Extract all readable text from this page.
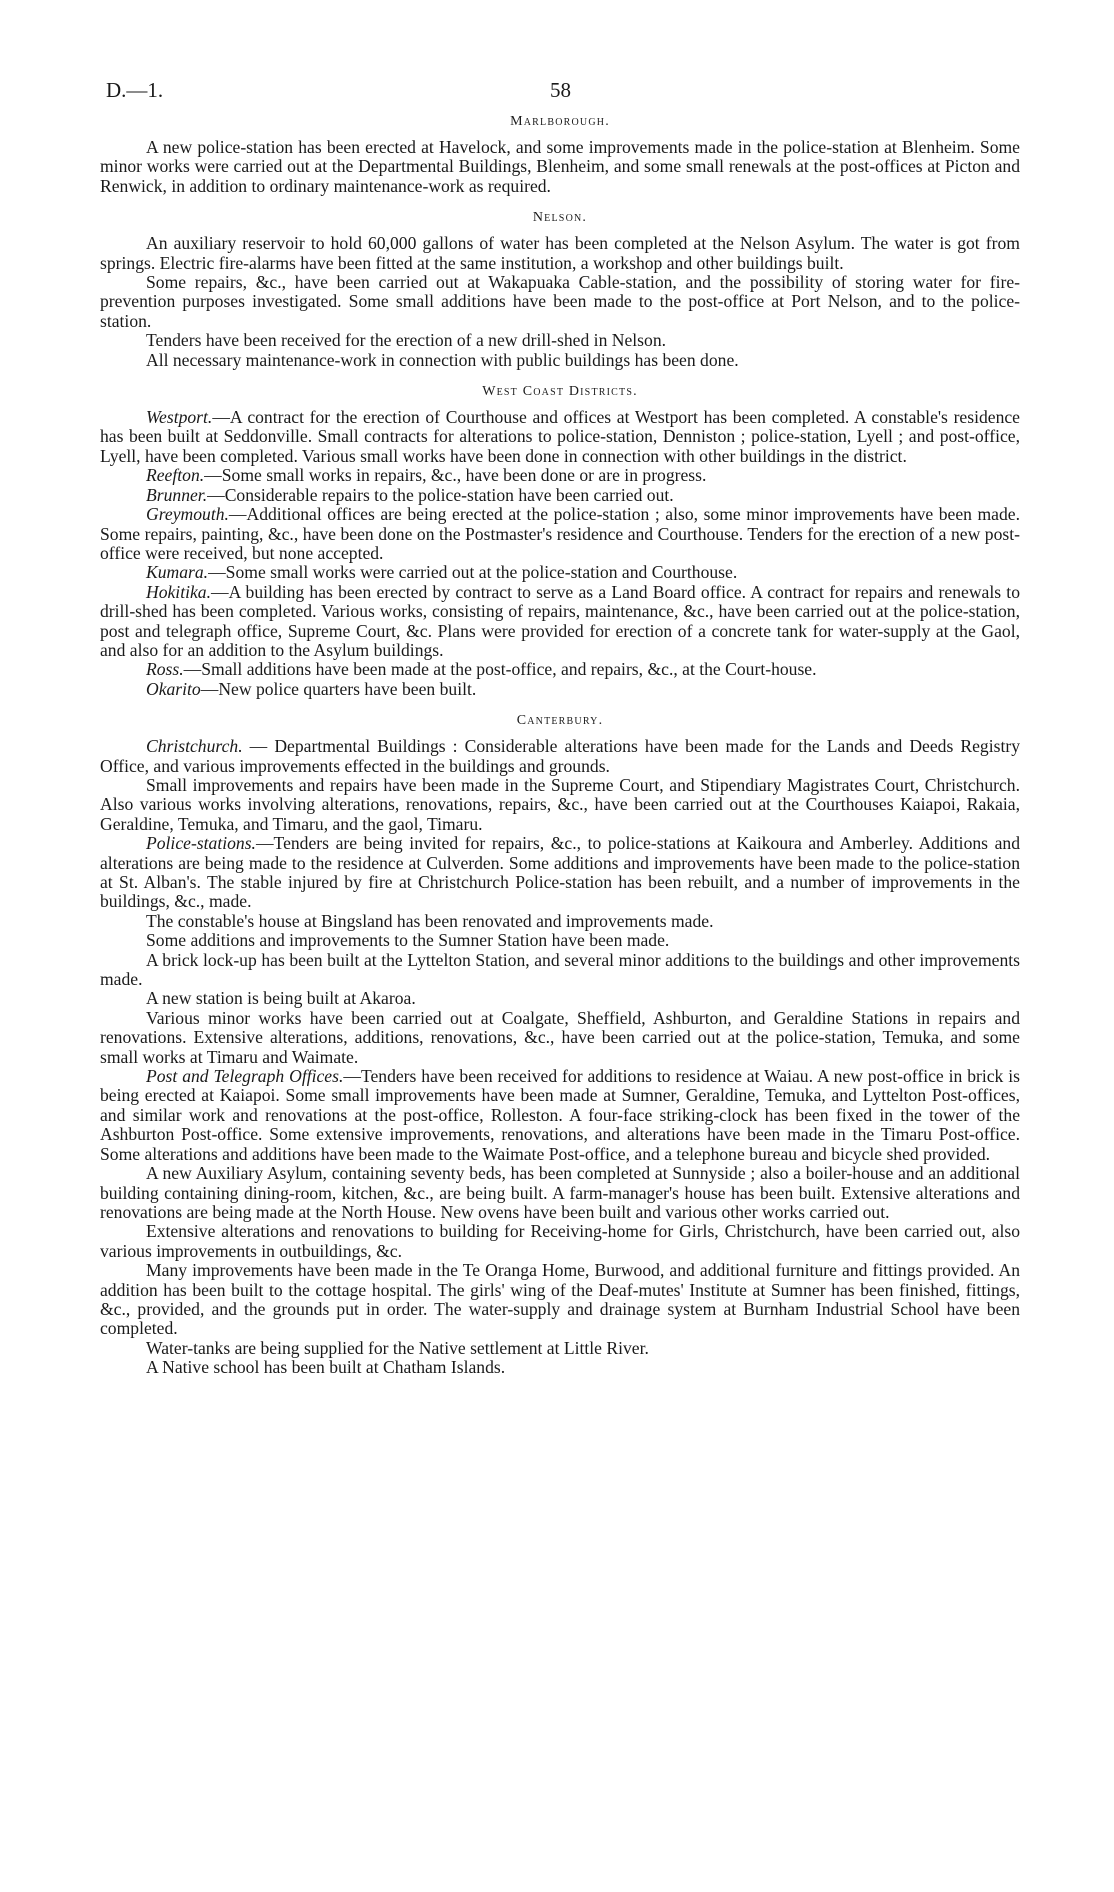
D.—1.	58
Marlborough.

A new police-station has been erected at Havelock, and some improvements made in the police-station at Blenheim. Some minor works were carried out at the Departmental Buildings, Blenheim, and some small renewals at the post-offices at Picton and Renwick, in addition to ordinary maintenance-work as required.

Nelson.

An auxiliary reservoir to hold 60,000 gallons of water has been completed at the Nelson Asylum. The water is got from springs. Electric fire-alarms have been fitted at the same institution, a workshop and other buildings built.

Some repairs, &c., have been carried out at Wakapuaka Cable-station, and the possibility of storing water for fire-prevention purposes investigated. Some small additions have been made to the post-office at Port Nelson, and to the police-station.

Tenders have been received for the erection of a new drill-shed in Nelson.

All necessary maintenance-work in connection with public buildings has been done.

West Coast Districts.

Westport.—A contract for the erection of Courthouse and offices at Westport has been completed. A constable's residence has been built at Seddonville. Small contracts for alterations to police-station, Denniston ; police-station, Lyell ; and post-office, Lyell, have been completed. Various small works have been done in connection with other buildings in the district.

Reefton.—Some small works in repairs, &c., have been done or are in progress.

Brunner.—Considerable repairs to the police-station have been carried out.

Greymouth.—Additional offices are being erected at the police-station ; also, some minor improvements have been made. Some repairs, painting, &c., have been done on the Postmaster's residence and Courthouse. Tenders for the erection of a new post-office were received, but none accepted.

Kumara.—Some small works were carried out at the police-station and Courthouse.

Hokitika.—A building has been erected by contract to serve as a Land Board office. A contract for repairs and renewals to drill-shed has been completed. Various works, consisting of repairs, maintenance, &c., have been carried out at the police-station, post and telegraph office, Supreme Court, &c. Plans were provided for erection of a concrete tank for water-supply at the Gaol, and also for an addition to the Asylum buildings.

Ross.—Small additions have been made at the post-office, and repairs, &c., at the Court-house.

Okarito—New police quarters have been built.

Canterbury.

Christchurch. — Departmental Buildings : Considerable alterations have been made for the Lands and Deeds Registry Office, and various improvements effected in the buildings and grounds.

Small improvements and repairs have been made in the Supreme Court, and Stipendiary Magistrates Court, Christchurch. Also various works involving alterations, renovations, repairs, &c., have been carried out at the Courthouses Kaiapoi, Rakaia, Geraldine, Temuka, and Timaru, and the gaol, Timaru.

Police-stations.—Tenders are being invited for repairs, &c., to police-stations at Kaikoura and Amberley. Additions and alterations are being made to the residence at Culverden. Some additions and improvements have been made to the police-station at St. Alban's. The stable injured by fire at Christchurch Police-station has been rebuilt, and a number of improvements in the buildings, &c., made.

The constable's house at Bingsland has been renovated and improvements made.

Some additions and improvements to the Sumner Station have been made.

A brick lock-up has been built at the Lyttelton Station, and several minor additions to the buildings and other improvements made.

A new station is being built at Akaroa.

Various minor works have been carried out at Coalgate, Sheffield, Ashburton, and Geraldine Stations in repairs and renovations. Extensive alterations, additions, renovations, &c., have been carried out at the police-station, Temuka, and some small works at Timaru and Waimate.

Post and Telegraph Offices.—Tenders have been received for additions to residence at Waiau. A new post-office in brick is being erected at Kaiapoi. Some small improvements have been made at Sumner, Geraldine, Temuka, and Lyttelton Post-offices, and similar work and renovations at the post-office, Rolleston. A four-face striking-clock has been fixed in the tower of the Ashburton Post-office. Some extensive improvements, renovations, and alterations have been made in the Timaru Post-office. Some alterations and additions have been made to the Waimate Post-office, and a telephone bureau and bicycle shed provided.

A new Auxiliary Asylum, containing seventy beds, has been completed at Sunnyside ; also a boiler-house and an additional building containing dining-room, kitchen, &c., are being built. A farm-manager's house has been built. Extensive alterations and renovations are being made at the North House. New ovens have been built and various other works carried out.

Extensive alterations and renovations to building for Receiving-home for Girls, Christchurch, have been carried out, also various improvements in outbuildings, &c.

Many improvements have been made in the Te Oranga Home, Burwood, and additional furniture and fittings provided. An addition has been built to the cottage hospital. The girls' wing of the Deaf-mutes' Institute at Sumner has been finished, fittings, &c., provided, and the grounds put in order. The water-supply and drainage system at Burnham Industrial School have been completed.

Water-tanks are being supplied for the Native settlement at Little River.

A Native school has been built at Chatham Islands.
